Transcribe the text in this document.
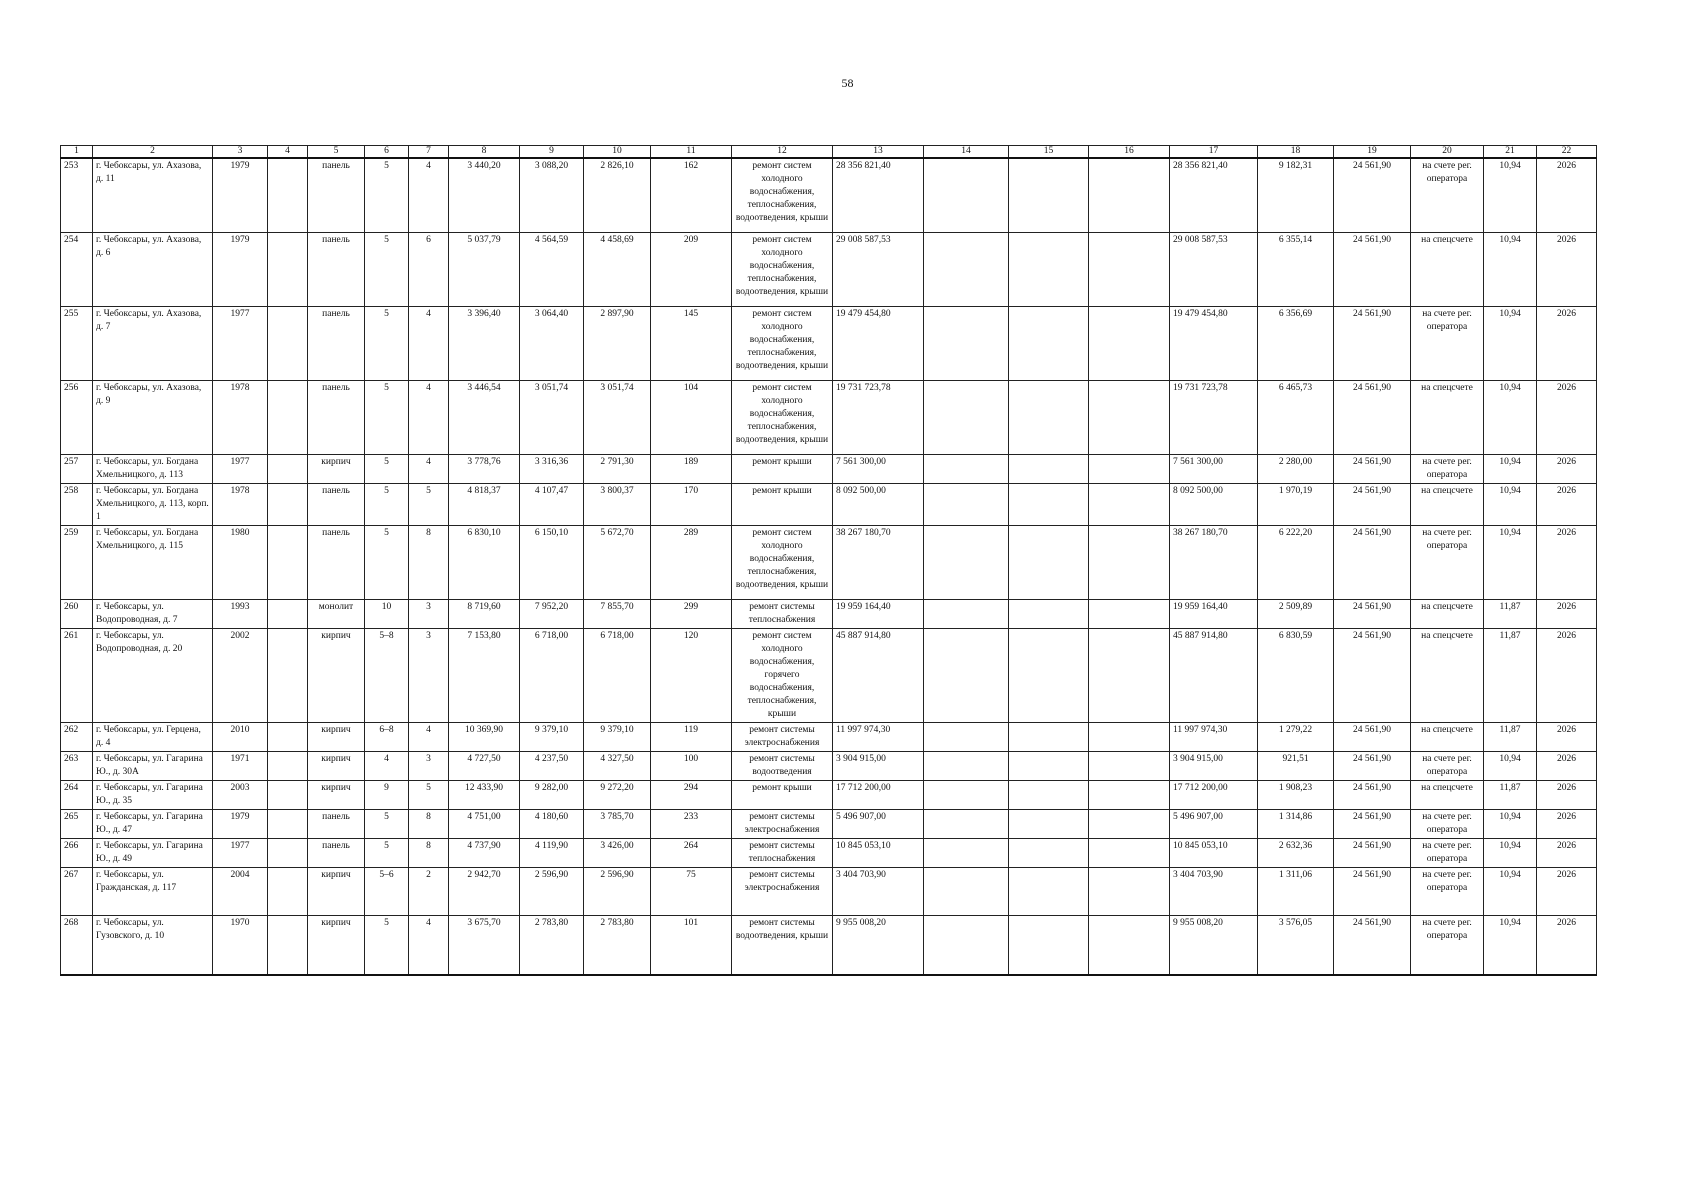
58
1	2	3	4	5	6	7	8	9	10	11	12	13	14	15	16	17	18	19	20	21	22
253	г. Чебоксары, ул. Ахазова, д. 11	1979		панель	5	4	3 440,20	3 088,20	2 826,10	162	ремонт систем холодного водоснабжения, теплоснабжения, водоотведения, крыши	28 356 821,40				28 356 821,40	9 182,31	24 561,90	на счете рег. оператора	10,94	2026
254	г. Чебоксары, ул. Ахазова, д. 6	1979		панель	5	6	5 037,79	4 564,59	4 458,69	209	ремонт систем холодного водоснабжения, теплоснабжения, водоотведения, крыши	29 008 587,53				29 008 587,53	6 355,14	24 561,90	на спецсчете	10,94	2026
255	г. Чебоксары, ул. Ахазова, д. 7	1977		панель	5	4	3 396,40	3 064,40	2 897,90	145	ремонт систем холодного водоснабжения, теплоснабжения, водоотведения, крыши	19 479 454,80				19 479 454,80	6 356,69	24 561,90	на счете рег. оператора	10,94	2026
256	г. Чебоксары, ул. Ахазова, д. 9	1978		панель	5	4	3 446,54	3 051,74	3 051,74	104	ремонт систем холодного водоснабжения, теплоснабжения, водоотведения, крыши	19 731 723,78				19 731 723,78	6 465,73	24 561,90	на спецсчете	10,94	2026
257	г. Чебоксары, ул. Богдана Хмельницкого, д. 113	1977		кирпич	5	4	3 778,76	3 316,36	2 791,30	189	ремонт крыши	7 561 300,00				7 561 300,00	2 280,00	24 561,90	на счете рег. оператора	10,94	2026
258	г. Чебоксары, ул. Богдана Хмельницкого, д. 113, корп. 1	1978		панель	5	5	4 818,37	4 107,47	3 800,37	170	ремонт крыши	8 092 500,00				8 092 500,00	1 970,19	24 561,90	на спецсчете	10,94	2026
259	г. Чебоксары, ул. Богдана Хмельницкого, д. 115	1980		панель	5	8	6 830,10	6 150,10	5 672,70	289	ремонт систем холодного водоснабжения, теплоснабжения, водоотведения, крыши	38 267 180,70				38 267 180,70	6 222,20	24 561,90	на счете рег. оператора	10,94	2026
260	г. Чебоксары, ул. Водопроводная, д. 7	1993		монолит	10	3	8 719,60	7 952,20	7 855,70	299	ремонт системы теплоснабжения	19 959 164,40				19 959 164,40	2 509,89	24 561,90	на спецсчете	11,87	2026
261	г. Чебоксары, ул. Водопроводная, д. 20	2002		кирпич	5–8	3	7 153,80	6 718,00	6 718,00	120	ремонт систем холодного водоснабжения, горячего водоснабжения, теплоснабжения, крыши	45 887 914,80				45 887 914,80	6 830,59	24 561,90	на спецсчете	11,87	2026
262	г. Чебоксары, ул. Герцена, д. 4	2010		кирпич	6–8	4	10 369,90	9 379,10	9 379,10	119	ремонт системы электроснабжения	11 997 974,30				11 997 974,30	1 279,22	24 561,90	на спецсчете	11,87	2026
263	г. Чебоксары, ул. Гагарина Ю., д. 30А	1971		кирпич	4	3	4 727,50	4 237,50	4 327,50	100	ремонт системы водоотведения	3 904 915,00				3 904 915,00	921,51	24 561,90	на счете рег. оператора	10,94	2026
264	г. Чебоксары, ул. Гагарина Ю., д. 35	2003		кирпич	9	5	12 433,90	9 282,00	9 272,20	294	ремонт крыши	17 712 200,00				17 712 200,00	1 908,23	24 561,90	на спецсчете	11,87	2026
265	г. Чебоксары, ул. Гагарина Ю., д. 47	1979		панель	5	8	4 751,00	4 180,60	3 785,70	233	ремонт системы электроснабжения	5 496 907,00				5 496 907,00	1 314,86	24 561,90	на счете рег. оператора	10,94	2026
266	г. Чебоксары, ул. Гагарина Ю., д. 49	1977		панель	5	8	4 737,90	4 119,90	3 426,00	264	ремонт системы теплоснабжения	10 845 053,10				10 845 053,10	2 632,36	24 561,90	на счете рег. оператора	10,94	2026
267	г. Чебоксары, ул. Гражданская, д. 117	2004		кирпич	5–6	2	2 942,70	2 596,90	2 596,90	75	ремонт системы электроснабжения	3 404 703,90				3 404 703,90	1 311,06	24 561,90	на счете рег. оператора	10,94	2026
268	г. Чебоксары, ул. Гузовского, д. 10	1970		кирпич	5	4	3 675,70	2 783,80	2 783,80	101	ремонт системы водоотведения, крыши	9 955 008,20				9 955 008,20	3 576,05	24 561,90	на счете рег. оператора	10,94	2026
